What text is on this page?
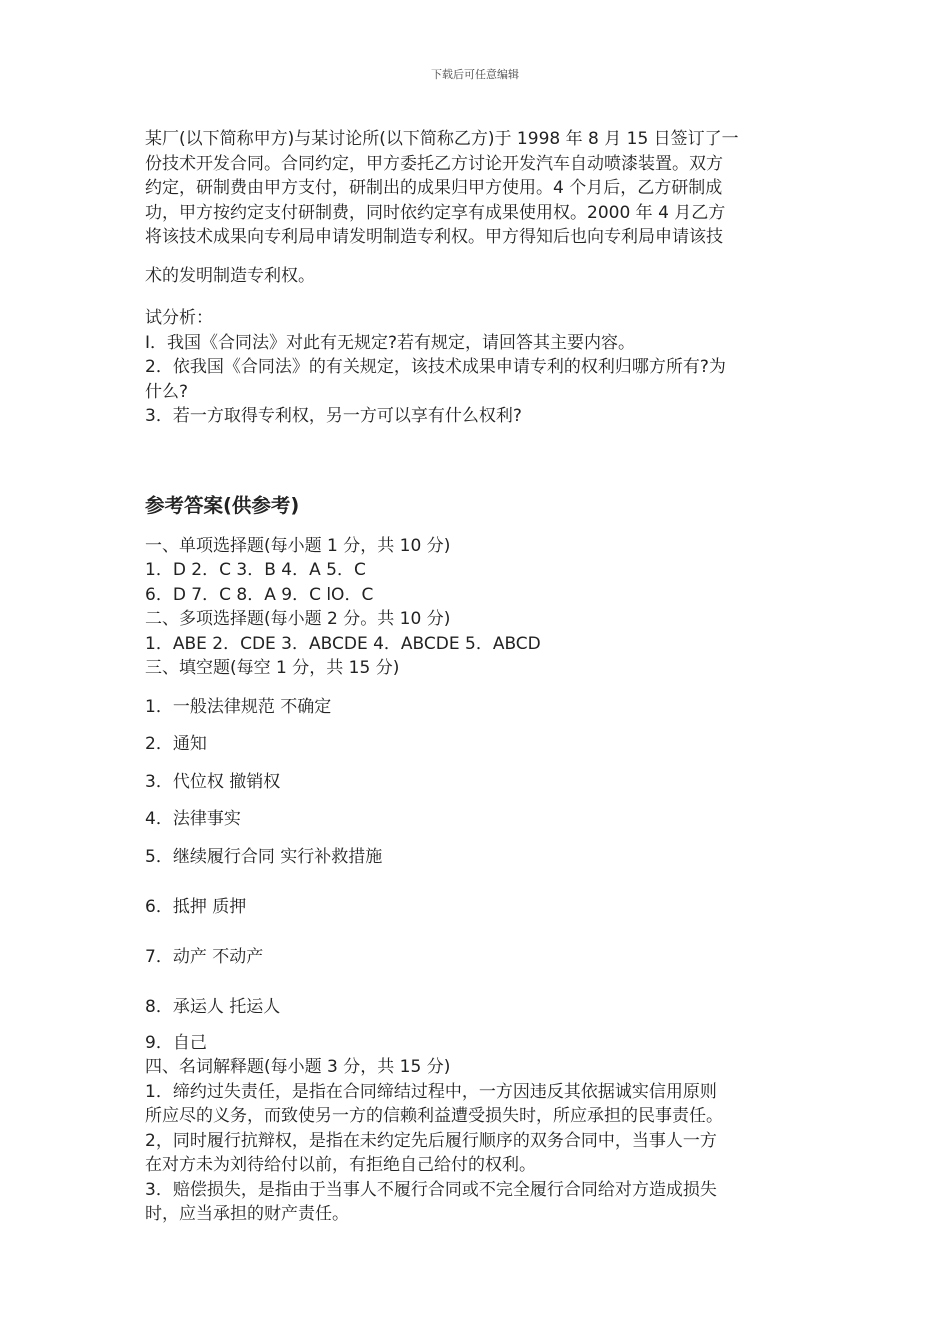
下载后可任意编辑

某厂(以下简称甲方)与某讨论所(以下简称乙方)于 1998 年 8 月 15 日签订了一

份技术开发合同。合同约定，甲方委托乙方讨论开发汽车自动喷漆装置。双方

约定，研制费由甲方支付，研制出的成果归甲方使用。4 个月后，乙方研制成

功，甲方按约定支付研制费，同时依约定享有成果使用权。2000 年 4 月乙方

将该技术成果向专利局申请发明制造专利权。甲方得知后也向专利局申请该技

术的发明制造专利权。

试分析：

I．我国《合同法》对此有无规定?若有规定，请回答其主要内容。

2．依我国《合同法》的有关规定，该技术成果申请专利的权利归哪方所有?为

什么?

3．若一方取得专利权，另一方可以享有什么权利?

参考答案(供参考)

一、单项选择题(每小题 1 分，共 10 分)

1．D 2．C 3．B 4．A 5．C

6．D 7．C 8．A 9．C lO．C

二、多项选择题(每小题 2 分。共 10 分)

1．ABE 2．CDE 3．ABCDE 4．ABCDE 5．ABCD

三、填空题(每空 1 分，共 15 分)

1．一般法律规范 不确定

2．通知

3．代位权 撤销权

4．法律事实

5．继续履行合同 实行补救措施

6．抵押 质押

7．动产 不动产

8．承运人 托运人

9．自己

四、名词解释题(每小题 3 分，共 15 分)

1．缔约过失责任，是指在合同缔结过程中，一方因违反其依据诚实信用原则

所应尽的义务，而致使另一方的信赖利益遭受损失时，所应承担的民事责任。

2，同时履行抗辩权，是指在未约定先后履行顺序的双务合同中，当事人一方

在对方未为刘待给付以前，有拒绝自己给付的权利。

3．赔偿损失，是指由于当事人不履行合同或不完全履行合同给对方造成损失

时，应当承担的财产责任。
